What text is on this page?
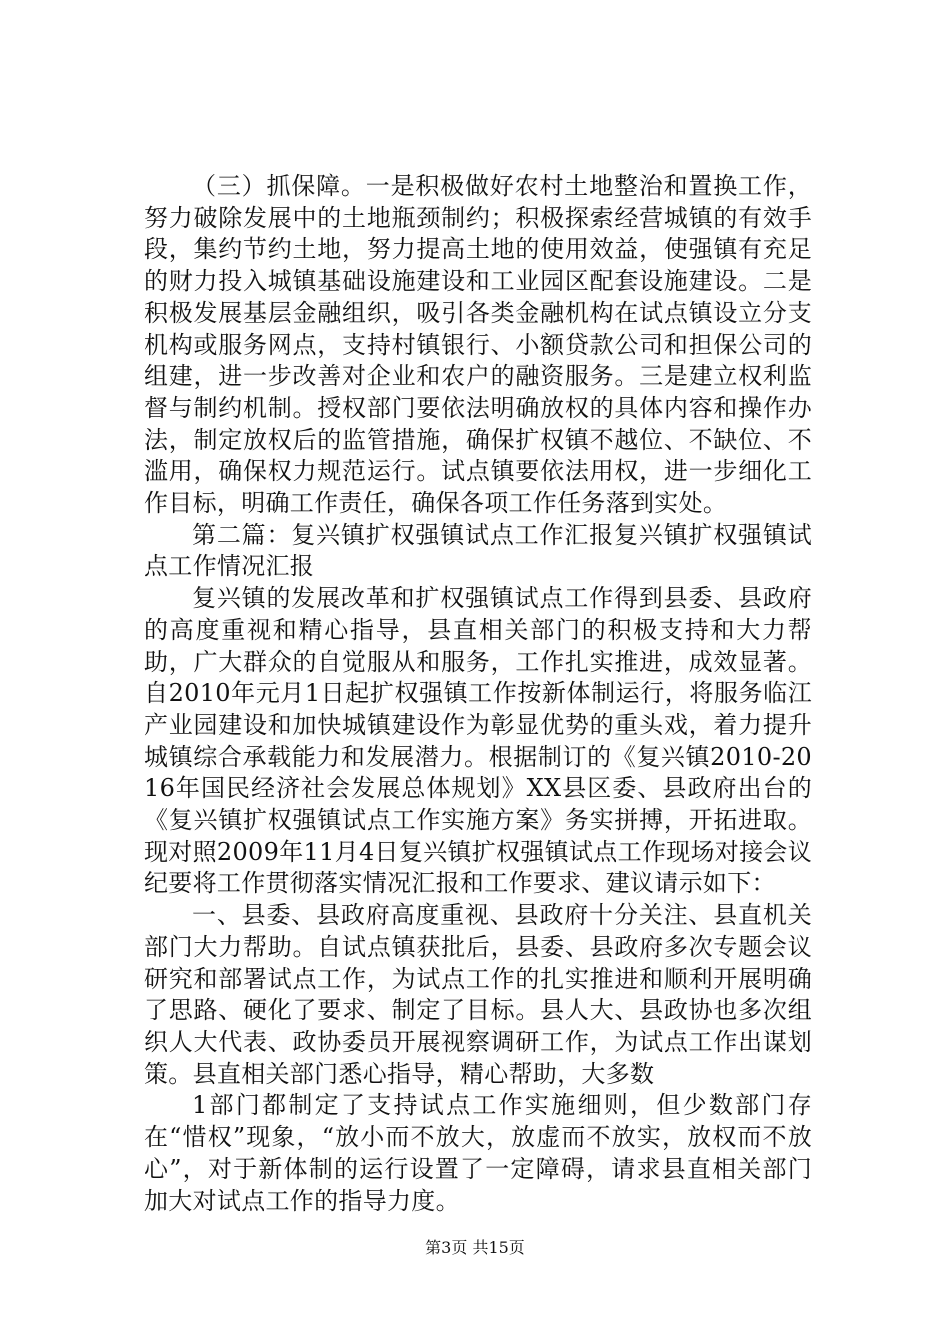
（三）抓保障。一是积极做好农村土地整治和置换工作，努力破除发展中的土地瓶颈制约；积极探索经营城镇的有效手段，集约节约土地，努力提高土地的使用效益，使强镇有充足的财力投入城镇基础设施建设和工业园区配套设施建设。二是积极发展基层金融组织，吸引各类金融机构在试点镇设立分支机构或服务网点，支持村镇银行、小额贷款公司和担保公司的组建，进一步改善对企业和农户的融资服务。三是建立权利监督与制约机制。授权部门要依法明确放权的具体内容和操作办法，制定放权后的监管措施，确保扩权镇不越位、不缺位、不滥用，确保权力规范运行。试点镇要依法用权，进一步细化工作目标，明确工作责任，确保各项工作任务落到实处。

第二篇：复兴镇扩权强镇试点工作汇报复兴镇扩权强镇试点工作情况汇报

复兴镇的发展改革和扩权强镇试点工作得到县委、县政府的高度重视和精心指导，县直相关部门的积极支持和大力帮助，广大群众的自觉服从和服务，工作扎实推进，成效显著。自2010年元月1日起扩权强镇工作按新体制运行，将服务临江产业园建设和加快城镇建设作为彰显优势的重头戏，着力提升城镇综合承载能力和发展潜力。根据制订的《复兴镇2010-2016年国民经济社会发展总体规划》XX县区委、县政府出台的《复兴镇扩权强镇试点工作实施方案》务实拼搏，开拓进取。现对照2009年11月4日复兴镇扩权强镇试点工作现场对接会议纪要将工作贯彻落实情况汇报和工作要求、建议请示如下：

一、县委、县政府高度重视、县政府十分关注、县直机关部门大力帮助。自试点镇获批后，县委、县政府多次专题会议研究和部署试点工作，为试点工作的扎实推进和顺利开展明确了思路、硬化了要求、制定了目标。县人大、县政协也多次组织人大代表、政协委员开展视察调研工作，为试点工作出谋划策。县直相关部门悉心指导，精心帮助，大多数

1部门都制定了支持试点工作实施细则，但少数部门存在“惜权”现象，“放小而不放大，放虚而不放实，放权而不放心”，对于新体制的运行设置了一定障碍，请求县直相关部门加大对试点工作的指导力度。

第3页 共15页
